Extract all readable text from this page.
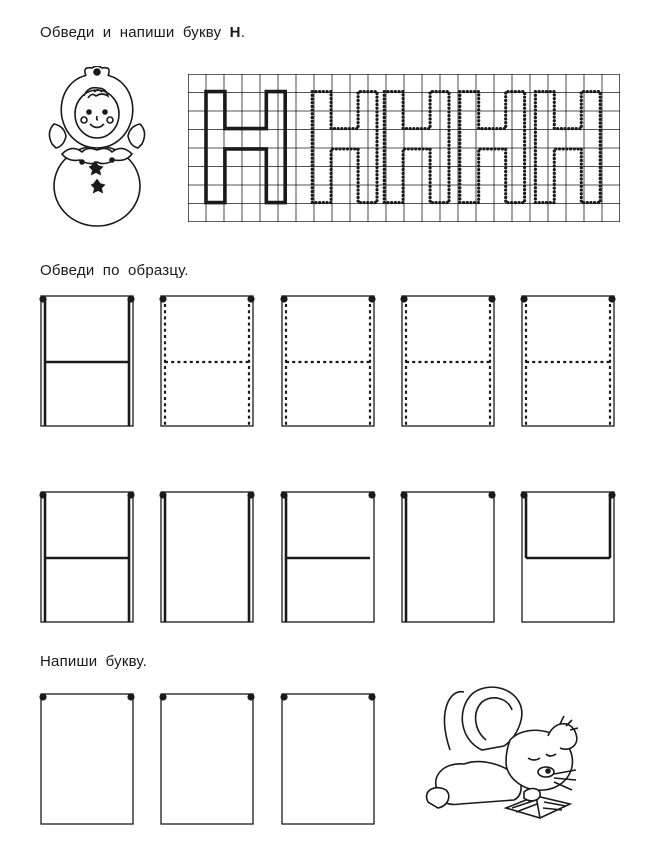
Обведи и напиши букву Н.
Обведи по образцу.
Напиши букву.
